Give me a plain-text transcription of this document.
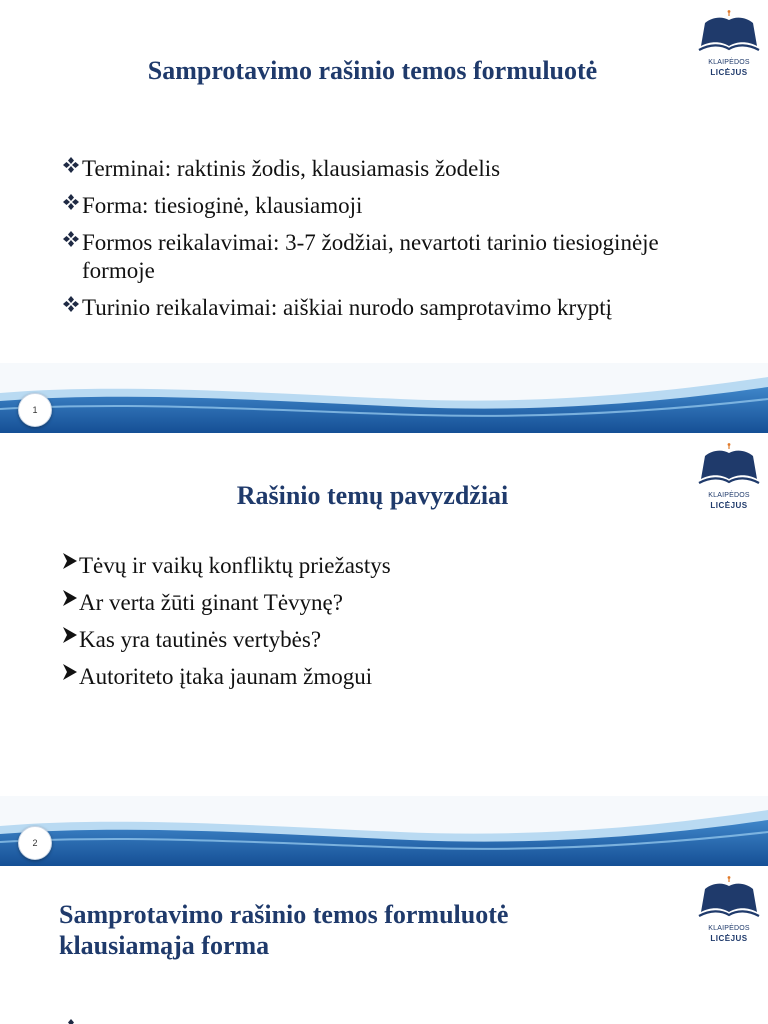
Samprotavimo rašinio temos formuluotė	KLAIPĖDOS
LICĖJUS
Terminai: raktinis žodis, klausiamasis žodelis
Forma: tiesioginė, klausiamoji
Formos reikalavimai: 3-7 žodžiai, nevartoti tarinio tiesioginėje formoje
Turinio reikalavimai: aiškiai nurodo samprotavimo kryptį
1
Rašinio temų pavyzdžiai	KLAIPĖDOS
LICĖJUS
Tėvų ir vaikų konfliktų priežastys
Ar verta žūti ginant Tėvynę?
Kas yra tautinės vertybės?
Autoriteto įtaka jaunam žmogui
2
Samprotavimo rašinio temos formuluotė klausiamąja forma
KLAIPĖDOS
LICĖJUS
